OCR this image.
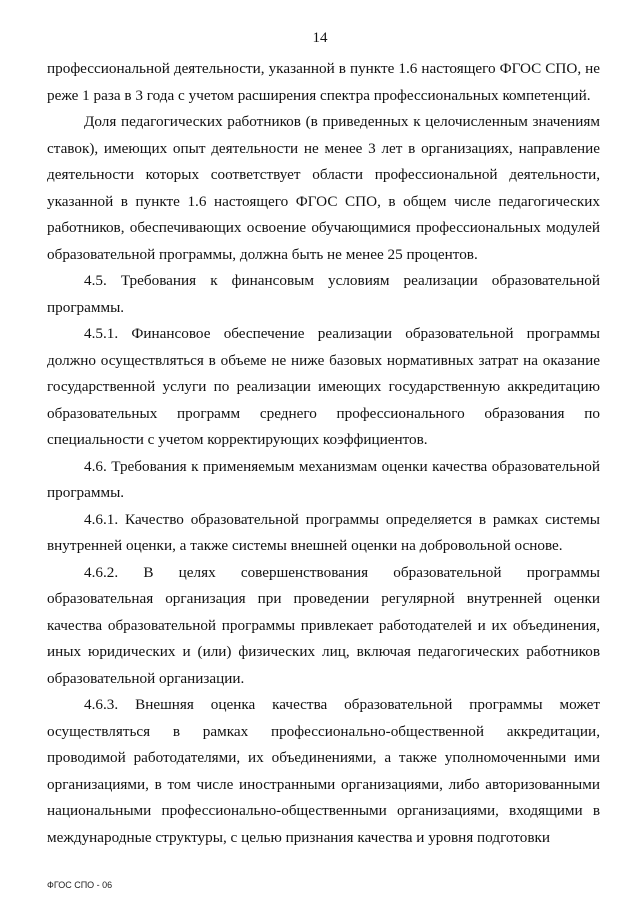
14

профессиональной деятельности, указанной в пункте 1.6 настоящего ФГОС СПО, не реже 1 раза в 3 года с учетом расширения спектра профессиональных компетенций.

Доля педагогических работников (в приведенных к целочисленным значениям ставок), имеющих опыт деятельности не менее 3 лет в организациях, направление деятельности которых соответствует области профессиональной деятельности, указанной в пункте 1.6 настоящего ФГОС СПО, в общем числе педагогических работников, обеспечивающих освоение обучающимися профессиональных модулей образовательной программы, должна быть не менее 25 процентов.

4.5. Требования к финансовым условиям реализации образовательной программы.

4.5.1. Финансовое обеспечение реализации образовательной программы должно осуществляться в объеме не ниже базовых нормативных затрат на оказание государственной услуги по реализации имеющих государственную аккредитацию образовательных программ среднего профессионального образования по специальности с учетом корректирующих коэффициентов.

4.6. Требования к применяемым механизмам оценки качества образовательной программы.

4.6.1. Качество образовательной программы определяется в рамках системы внутренней оценки, а также системы внешней оценки на добровольной основе.

4.6.2. В целях совершенствования образовательной программы образовательная организация при проведении регулярной внутренней оценки качества образовательной программы привлекает работодателей и их объединения, иных юридических и (или) физических лиц, включая педагогических работников образовательной организации.

4.6.3. Внешняя оценка качества образовательной программы может осуществляться в рамках профессионально-общественной аккредитации, проводимой работодателями, их объединениями, а также уполномоченными ими организациями, в том числе иностранными организациями, либо авторизованными национальными профессионально-общественными организациями, входящими в международные структуры, с целью признания качества и уровня подготовки

ФГОС СПО - 06
